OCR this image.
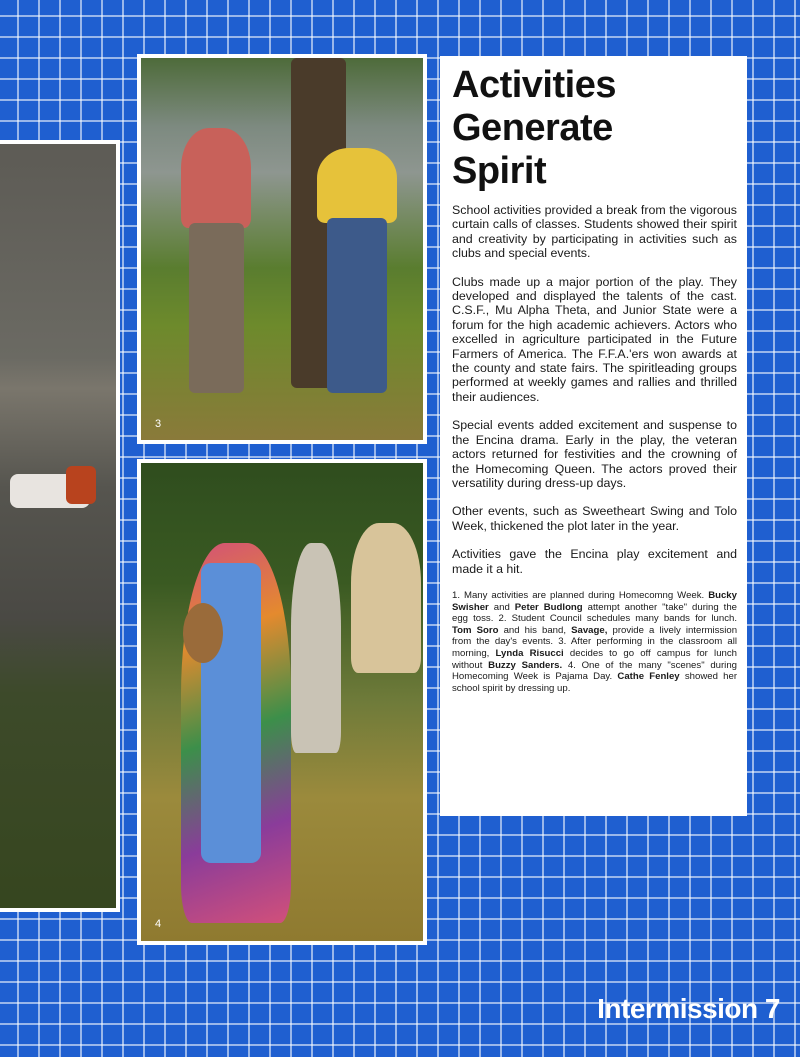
3
4
Activities Generate Spirit

School activities provided a break from the vigorous curtain calls of classes. Students showed their spirit and creativity by participating in activities such as clubs and special events.

Clubs made up a major portion of the play. They developed and displayed the talents of the cast. C.S.F., Mu Alpha Theta, and Junior State were a forum for the high academic achievers. Actors who excelled in agriculture participated in the Future Farmers of America. The F.F.A.'ers won awards at the county and state fairs. The spiritleading groups performed at weekly games and rallies and thrilled their audiences.

Special events added excitement and suspense to the Encina drama. Early in the play, the veteran actors returned for festivities and the crowning of the Homecoming Queen. The actors proved their versatility during dress-up days.

Other events, such as Sweetheart Swing and Tolo Week, thickened the plot later in the year.

Activities gave the Encina play excitement and made it a hit.

1. Many activities are planned during Homecomng Week. Bucky Swisher and Peter Budlong attempt another "take" during the egg toss. 2. Student Council schedules many bands for lunch. Tom Soro and his band, Savage, provide a lively intermission from the day's events. 3. After performing in the classroom all morning, Lynda Risucci decides to go off campus for lunch without Buzzy Sanders. 4. One of the many "scenes" during Homecoming Week is Pajama Day. Cathe Fenley showed her school spirit by dressing up.

Intermission 7
